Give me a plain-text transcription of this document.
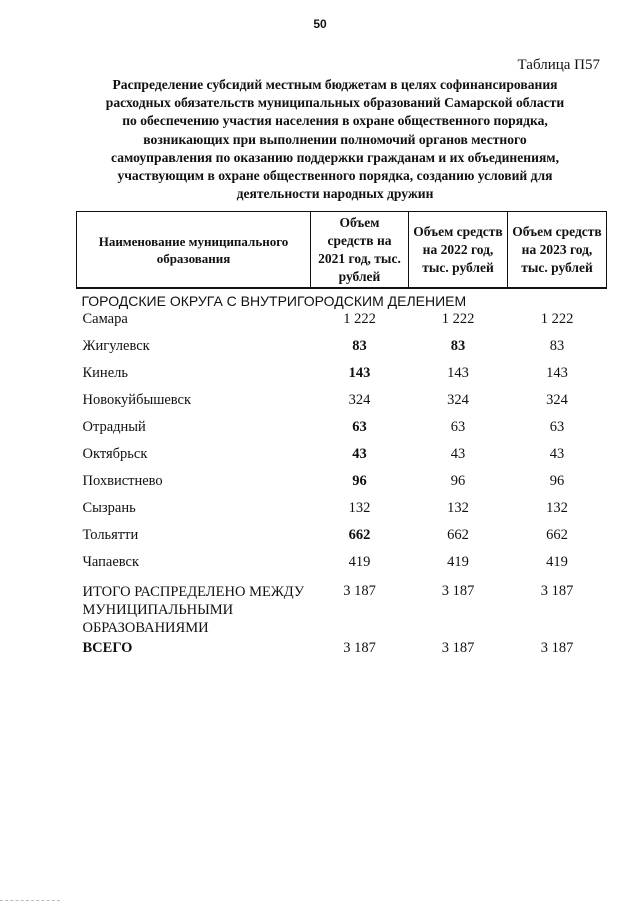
50
Таблица П57
Распределение субсидий местным бюджетам в целях софинансирования
расходных обязательств муниципальных образований Самарской области
по обеспечению участия населения в охране общественного порядка,
возникающих при выполнении полномочий органов местного
самоуправления по оказанию поддержки гражданам и их объединениям,
участвующим в охране общественного порядка, созданию условий для
деятельности народных дружин
Наименование муниципального образования	Объем средств на 2021 год, тыс. рублей	Объем средств на 2022 год, тыс. рублей	Объем средств на 2023 год, тыс. рублей
ГОРОДСКИЕ ОКРУГА С ВНУТРИГОРОДСКИМ ДЕЛЕНИЕМ			
Самара	1 222	1 222	1 222
Жигулевск	83	83	83
Кинель	143	143	143
Новокуйбышевск	324	324	324
Отрадный	63	63	63
Октябрьск	43	43	43
Похвистнево	96	96	96
Сызрань	132	132	132
Тольятти	662	662	662
Чапаевск	419	419	419
ИТОГО РАСПРЕДЕЛЕНО МЕЖДУ МУНИЦИПАЛЬНЫМИ ОБРАЗОВАНИЯМИ	3 187	3 187	3 187
ВСЕГО	3 187	3 187	3 187
